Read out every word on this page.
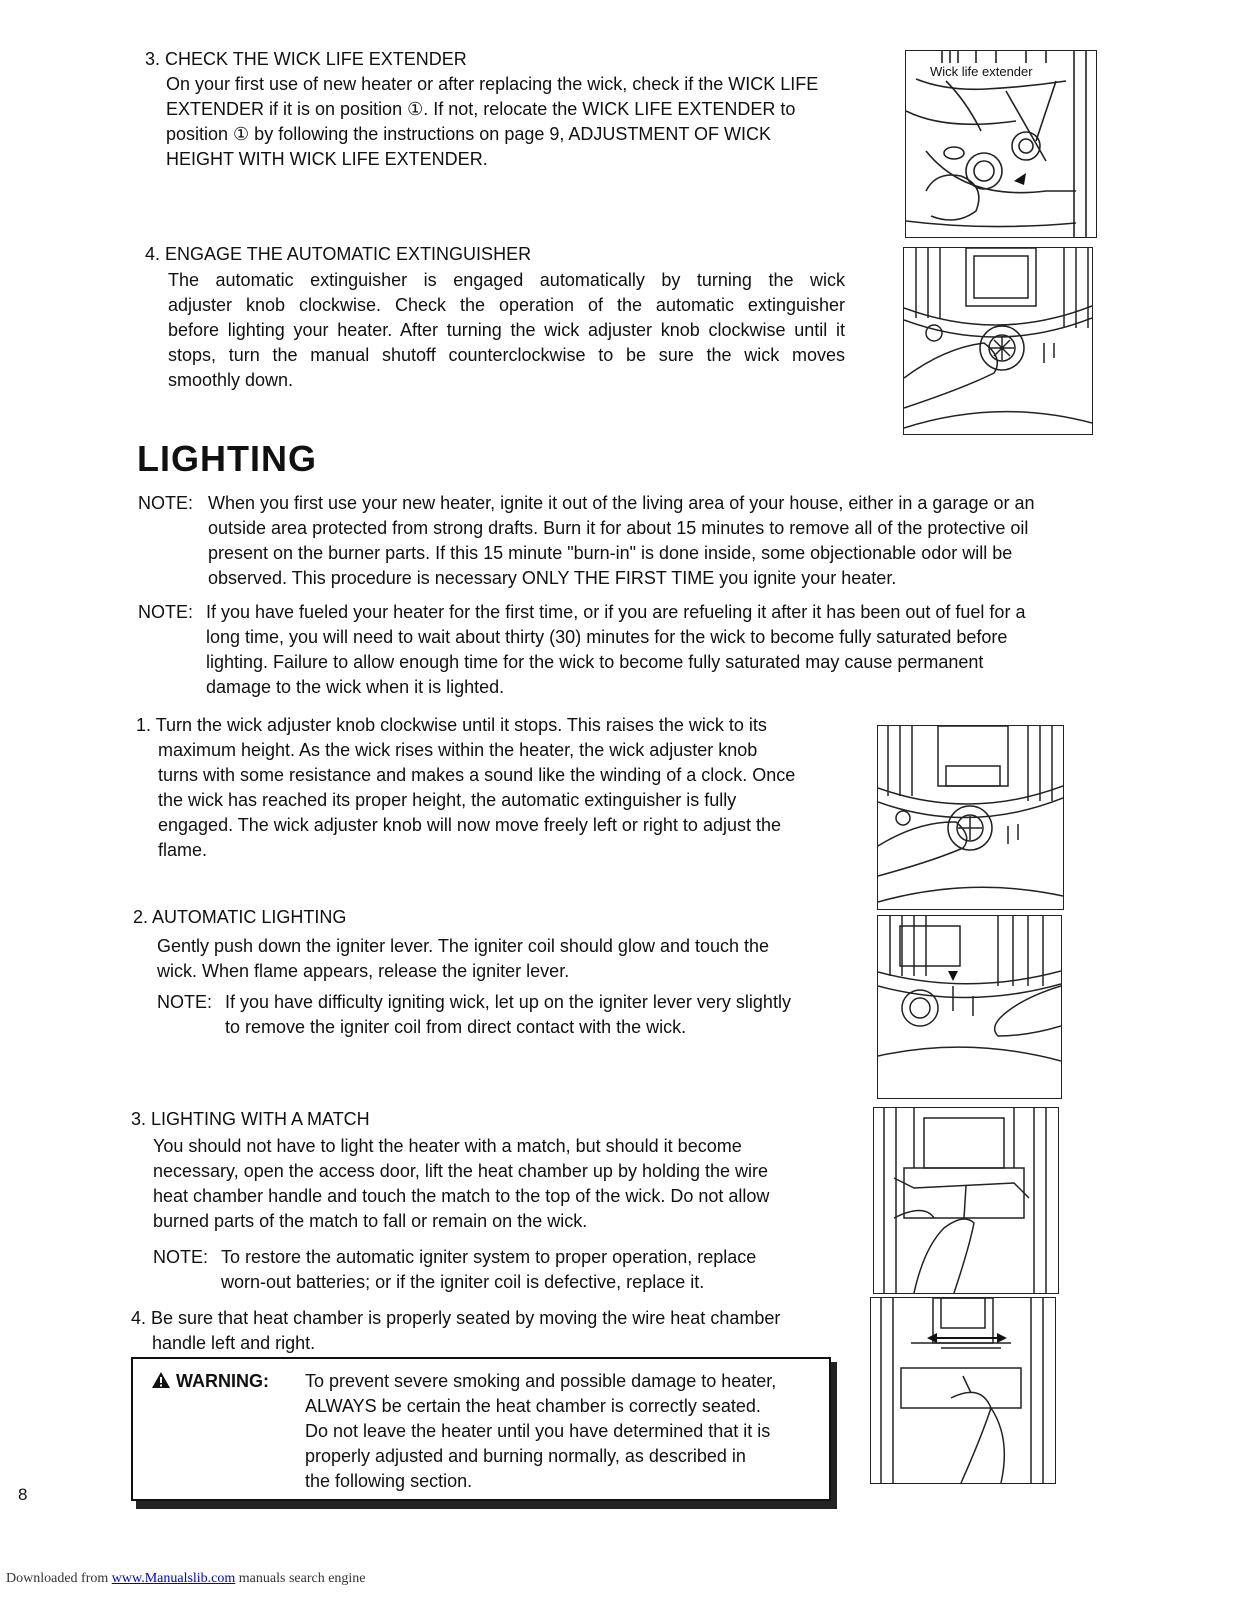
3. CHECK THE WICK LIFE EXTENDER

On your first use of new heater or after replacing the wick, check if the WICK LIFE

EXTENDER if it is on position ①. If not, relocate the WICK LIFE EXTENDER to

position ① by following the instructions on page 9, ADJUSTMENT OF WICK

HEIGHT WITH WICK LIFE EXTENDER.

Wick life extender
4. ENGAGE THE AUTOMATIC EXTINGUISHER

The automatic extinguisher is engaged automatically by turning the wick

adjuster knob clockwise. Check the operation of the automatic extinguisher

before lighting your heater. After turning the wick adjuster knob clockwise until it

stops, turn the manual shutoff counterclockwise to be sure the wick moves

smoothly down.

LIGHTING
NOTE: When you first use your new heater, ignite it out of the living area of your house, either in a garage or an

outside area protected from strong drafts. Burn it for about 15 minutes to remove all of the protective oil

present on the burner parts. If this 15 minute "burn-in" is done inside, some objectionable odor will be

observed. This procedure is necessary ONLY THE FIRST TIME you ignite your heater.

NOTE: If you have fueled your heater for the first time, or if you are refueling it after it has been out of fuel for a

long time, you will need to wait about thirty (30) minutes for the wick to become fully saturated before

lighting. Failure to allow enough time for the wick to become fully saturated may cause permanent

damage to the wick when it is lighted.

1. Turn the wick adjuster knob clockwise until it stops. This raises the wick to its

maximum height. As the wick rises within the heater, the wick adjuster knob

turns with some resistance and makes a sound like the winding of a clock. Once

the wick has reached its proper height, the automatic extinguisher is fully

engaged. The wick adjuster knob will now move freely left or right to adjust the

flame.

2. AUTOMATIC LIGHTING

Gently push down the igniter lever. The igniter coil should glow and touch the

wick. When flame appears, release the igniter lever.

NOTE: If you have difficulty igniting wick, let up on the igniter lever very slightly

to remove the igniter coil from direct contact with the wick.

3. LIGHTING WITH A MATCH

You should not have to light the heater with a match, but should it become

necessary, open the access door, lift the heat chamber up by holding the wire

heat chamber handle and touch the match to the top of the wick. Do not allow

burned parts of the match to fall or remain on the wick.

NOTE: To restore the automatic igniter system to proper operation, replace

worn-out batteries; or if the igniter coil is defective, replace it.

4. Be sure that heat chamber is properly seated by moving the wire heat chamber

handle left and right.

WARNING: To prevent severe smoking and possible damage to heater,

ALWAYS be certain the heat chamber is correctly seated.

Do not leave the heater until you have determined that it is

properly adjusted and burning normally, as described in

the following section.

8
Downloaded from www.Manualslib.com manuals search engine
